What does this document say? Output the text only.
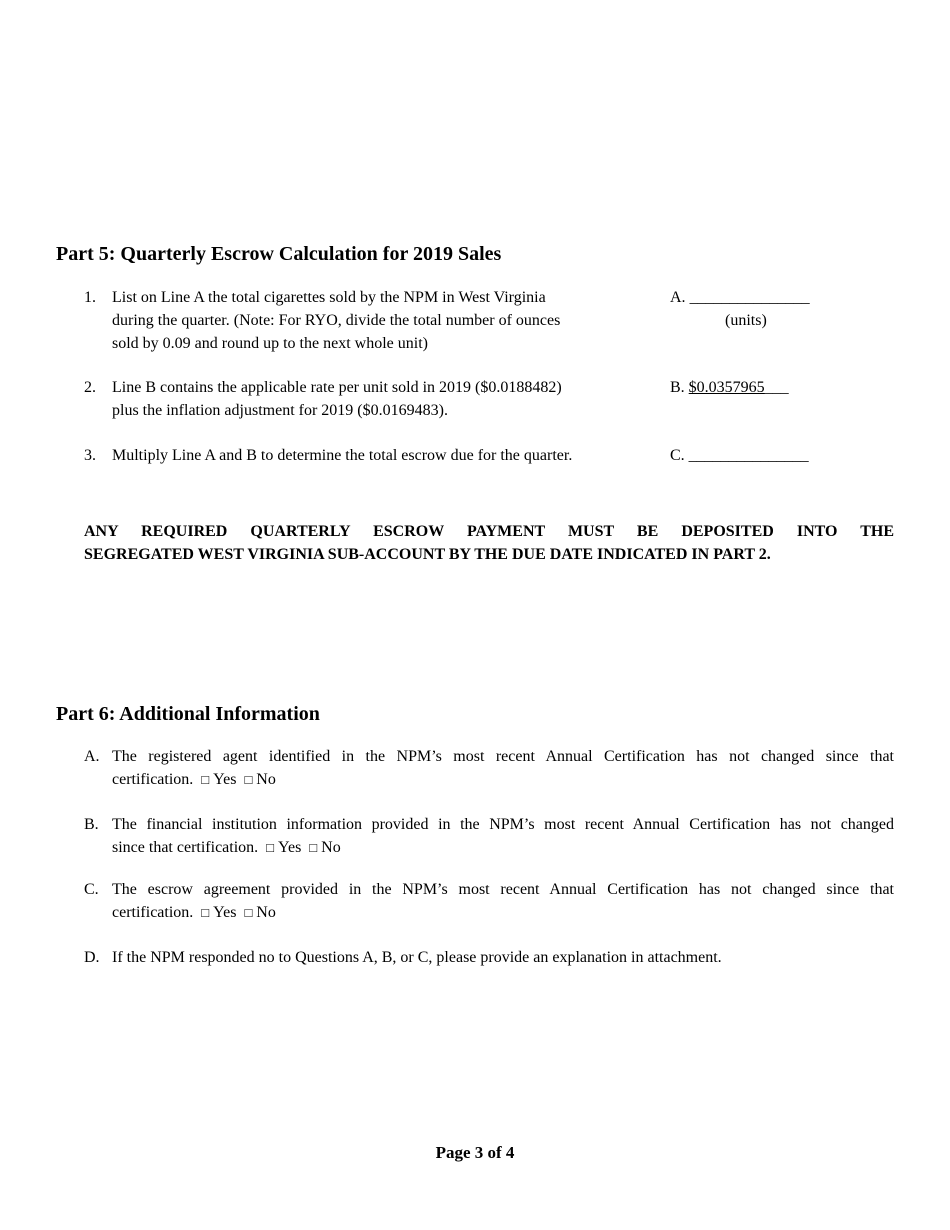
Part 5: Quarterly Escrow Calculation for 2019 Sales
1. List on Line A the total cigarettes sold by the NPM in West Virginia
during the quarter. (Note: For RYO, divide the total number of ounces
sold by 0.09 and round up to the next whole unit)
A. _______________
(units)
2. Line B contains the applicable rate per unit sold in 2019 ($0.0188482)
plus the inflation adjustment for 2019 ($0.0169483).
B. $0.0357965___
3. Multiply Line A and B to determine the total escrow due for the quarter.	C. _______________
ANY REQUIRED QUARTERLY ESCROW PAYMENT MUST BE DEPOSITED INTO THE
SEGREGATED WEST VIRGINIA SUB-ACCOUNT BY THE DUE DATE INDICATED IN PART 2.
Part 6: Additional Information
A. The registered agent identified in the NPM’s most recent Annual Certification has not changed since that
certification. □ Yes □ No
B. The financial institution information provided in the NPM’s most recent Annual Certification has not changed
since that certification. □ Yes □ No
C. The escrow agreement provided in the NPM’s most recent Annual Certification has not changed since that
certification. □ Yes □ No
D. If the NPM responded no to Questions A, B, or C, please provide an explanation in attachment.
Page 3 of 4
